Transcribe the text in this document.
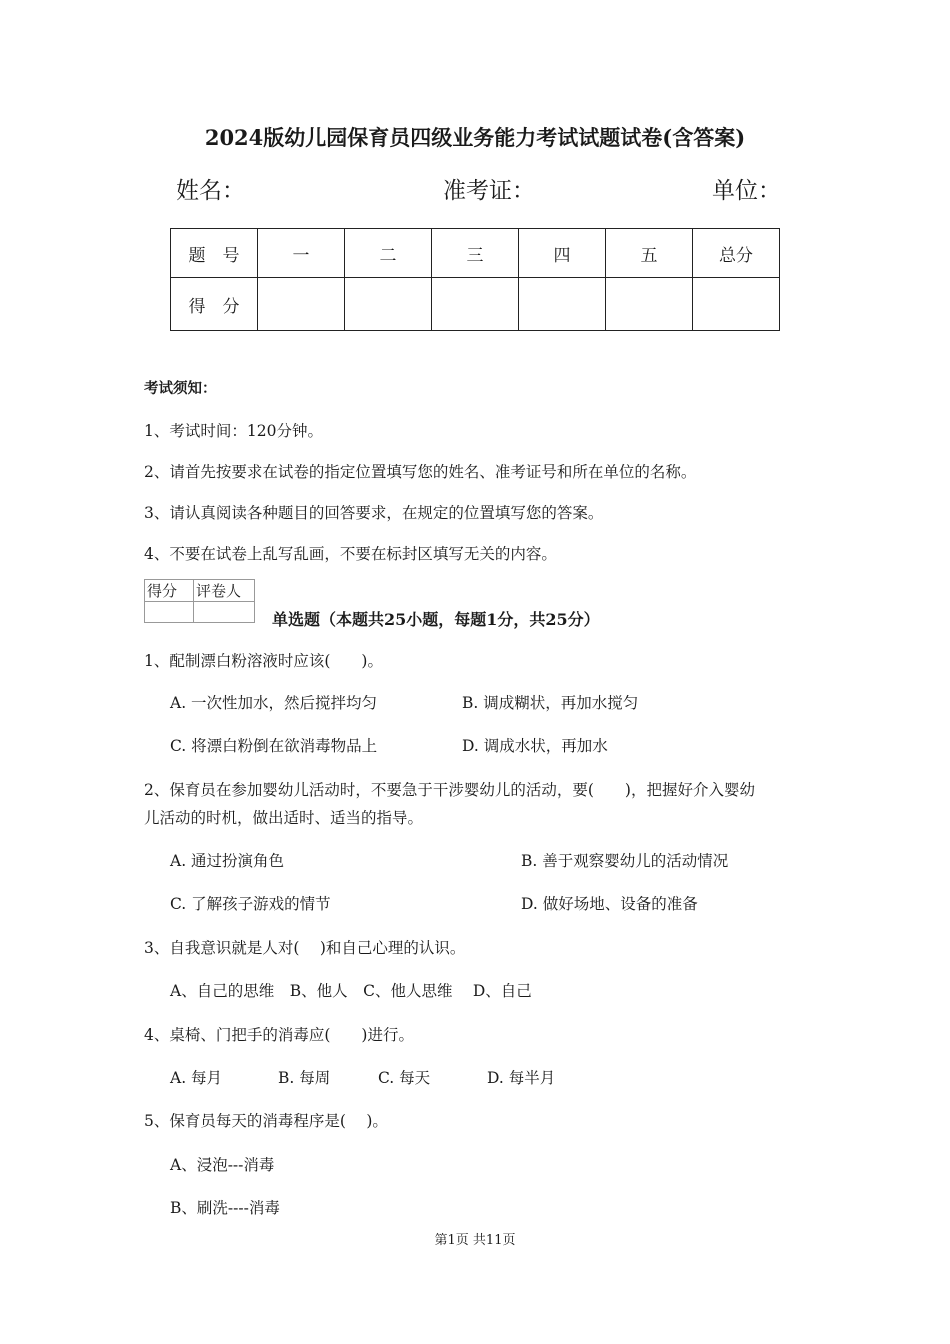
2024版幼儿园保育员四级业务能力考试试题试卷(含答案)
姓名：	准考证：	单位：
题　号	一	二	三	四	五	总分
得　分						
考试须知：
1、考试时间：120分钟。
2、请首先按要求在试卷的指定位置填写您的姓名、准考证号和所在单位的名称。
3、请认真阅读各种题目的回答要求，在规定的位置填写您的答案。
4、不要在试卷上乱写乱画，不要在标封区填写无关的内容。
得分	评卷人

单选题（本题共25小题，每题1分，共25分）
1、配制漂白粉溶液时应该(　　)。
A. 一次性加水，然后搅拌均匀	B. 调成糊状，再加水搅匀
C. 将漂白粉倒在欲消毒物品上	D. 调成水状，再加水
2、保育员在参加婴幼儿活动时，不要急于干涉婴幼儿的活动，要(　　)，把握好介入婴幼
儿活动的时机，做出适时、适当的指导。
A. 通过扮演角色	B. 善于观察婴幼儿的活动情况
C. 了解孩子游戏的情节	D. 做好场地、设备的准备
3、自我意识就是人对(　 )和自己心理的认识。
A、自己的思维　B、他人　C、他人思维　 D、自己
4、桌椅、门把手的消毒应(　　)进行。
A. 每月	B. 每周	C. 每天	D. 每半月
5、保育员每天的消毒程序是(　 )。
A、浸泡---消毒
B、刷洗----消毒
第1页 共11页
